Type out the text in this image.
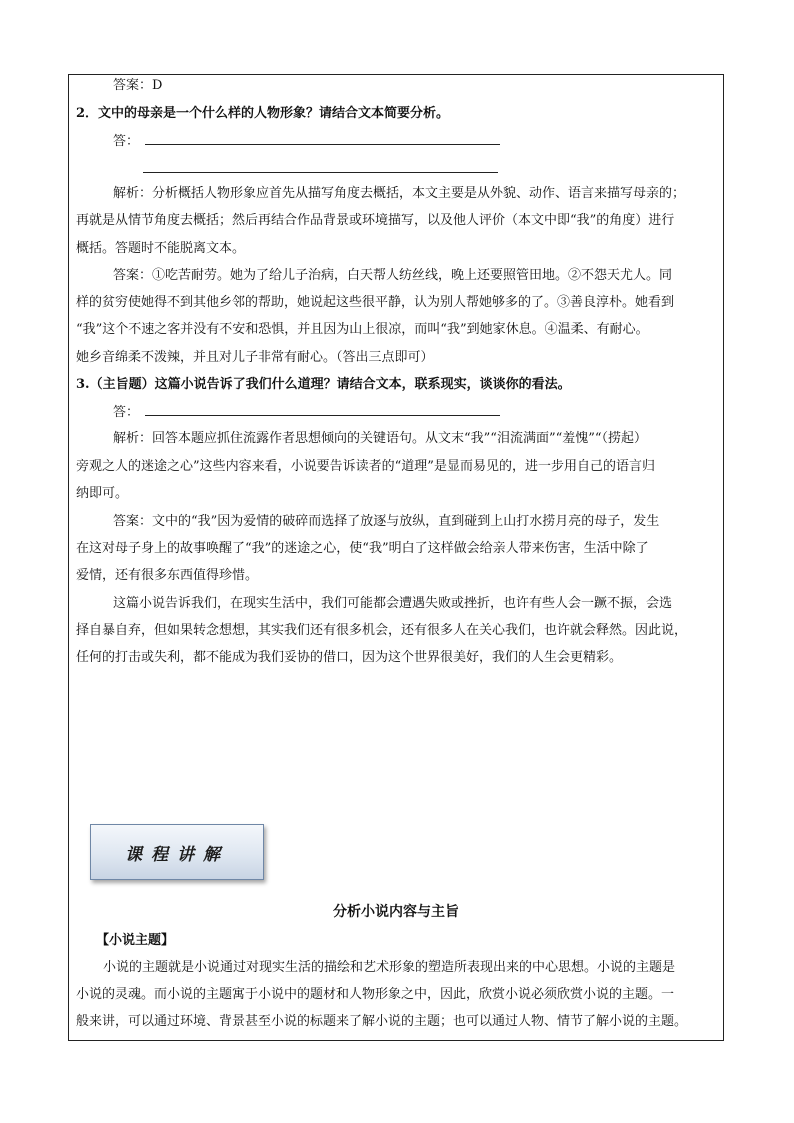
答案：D
2．文中的母亲是一个什么样的人物形象？请结合文本简要分析。
答：
解析：分析概括人物形象应首先从描写角度去概括，本文主要是从外貌、动作、语言来描写母亲的；
再就是从情节角度去概括；然后再结合作品背景或环境描写，以及他人评价（本文中即“我”的角度）进行
概括。答题时不能脱离文本。
答案：①吃苦耐劳。她为了给儿子治病，白天帮人纺丝线，晚上还要照管田地。②不怨天尤人。同
样的贫穷使她得不到其他乡邻的帮助，她说起这些很平静，认为别人帮她够多的了。③善良淳朴。她看到
“我”这个不速之客并没有不安和恐惧，并且因为山上很凉，而叫“我”到她家休息。④温柔、有耐心。
她乡音绵柔不泼辣，并且对儿子非常有耐心。（答出三点即可）
3.（主旨题）这篇小说告诉了我们什么道理？请结合文本，联系现实，谈谈你的看法。
答：
解析：回答本题应抓住流露作者思想倾向的关键语句。从文末“我”“泪流满面”“羞愧”“（捞起）
旁观之人的迷途之心”这些内容来看，小说要告诉读者的“道理”是显而易见的，进一步用自己的语言归
纳即可。
答案：文中的“我”因为爱情的破碎而选择了放逐与放纵，直到碰到上山打水捞月亮的母子，发生
在这对母子身上的故事唤醒了“我”的迷途之心，使“我”明白了这样做会给亲人带来伤害，生活中除了
爱情，还有很多东西值得珍惜。
这篇小说告诉我们，在现实生活中，我们可能都会遭遇失败或挫折，也许有些人会一蹶不振，会选
择自暴自弃，但如果转念想想，其实我们还有很多机会，还有很多人在关心我们，也许就会释然。因此说，
任何的打击或失利，都不能成为我们妥协的借口，因为这个世界很美好，我们的人生会更精彩。
课程讲解
分析小说内容与主旨
【小说主题】
小说的主题就是小说通过对现实生活的描绘和艺术形象的塑造所表现出来的中心思想。小说的主题是
小说的灵魂。而小说的主题寓于小说中的题材和人物形象之中，因此，欣赏小说必须欣赏小说的主题。一
般来讲，可以通过环境、背景甚至小说的标题来了解小说的主题；也可以通过人物、情节了解小说的主题。
